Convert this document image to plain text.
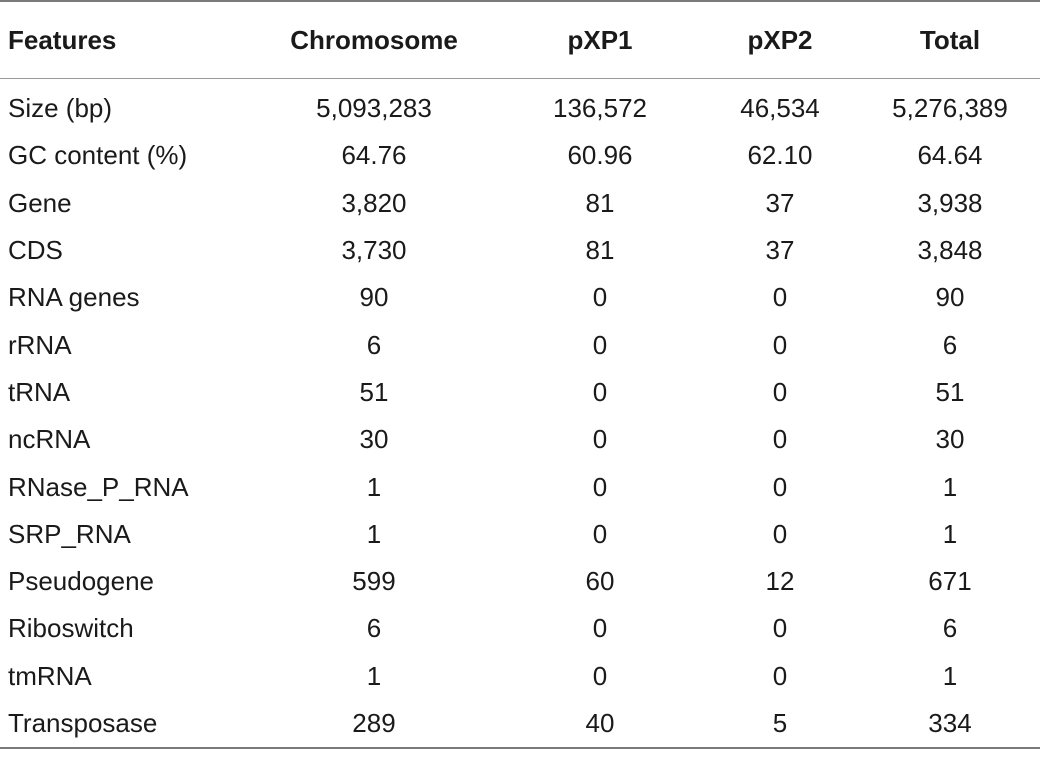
Features	Chromosome	pXP1	pXP2	Total

Size (bp)	5,093,283	136,572	46,534	5,276,389
GC content (%)	64.76	60.96	62.10	64.64
Gene	3,820	81	37	3,938
CDS	3,730	81	37	3,848
RNA genes	90	0	0	90
rRNA	6	0	0	6
tRNA	51	0	0	51
ncRNA	30	0	0	30
RNase_P_RNA	1	0	0	1
SRP_RNA	1	0	0	1
Pseudogene	599	60	12	671
Riboswitch	6	0	0	6
tmRNA	1	0	0	1
Transposase	289	40	5	334
